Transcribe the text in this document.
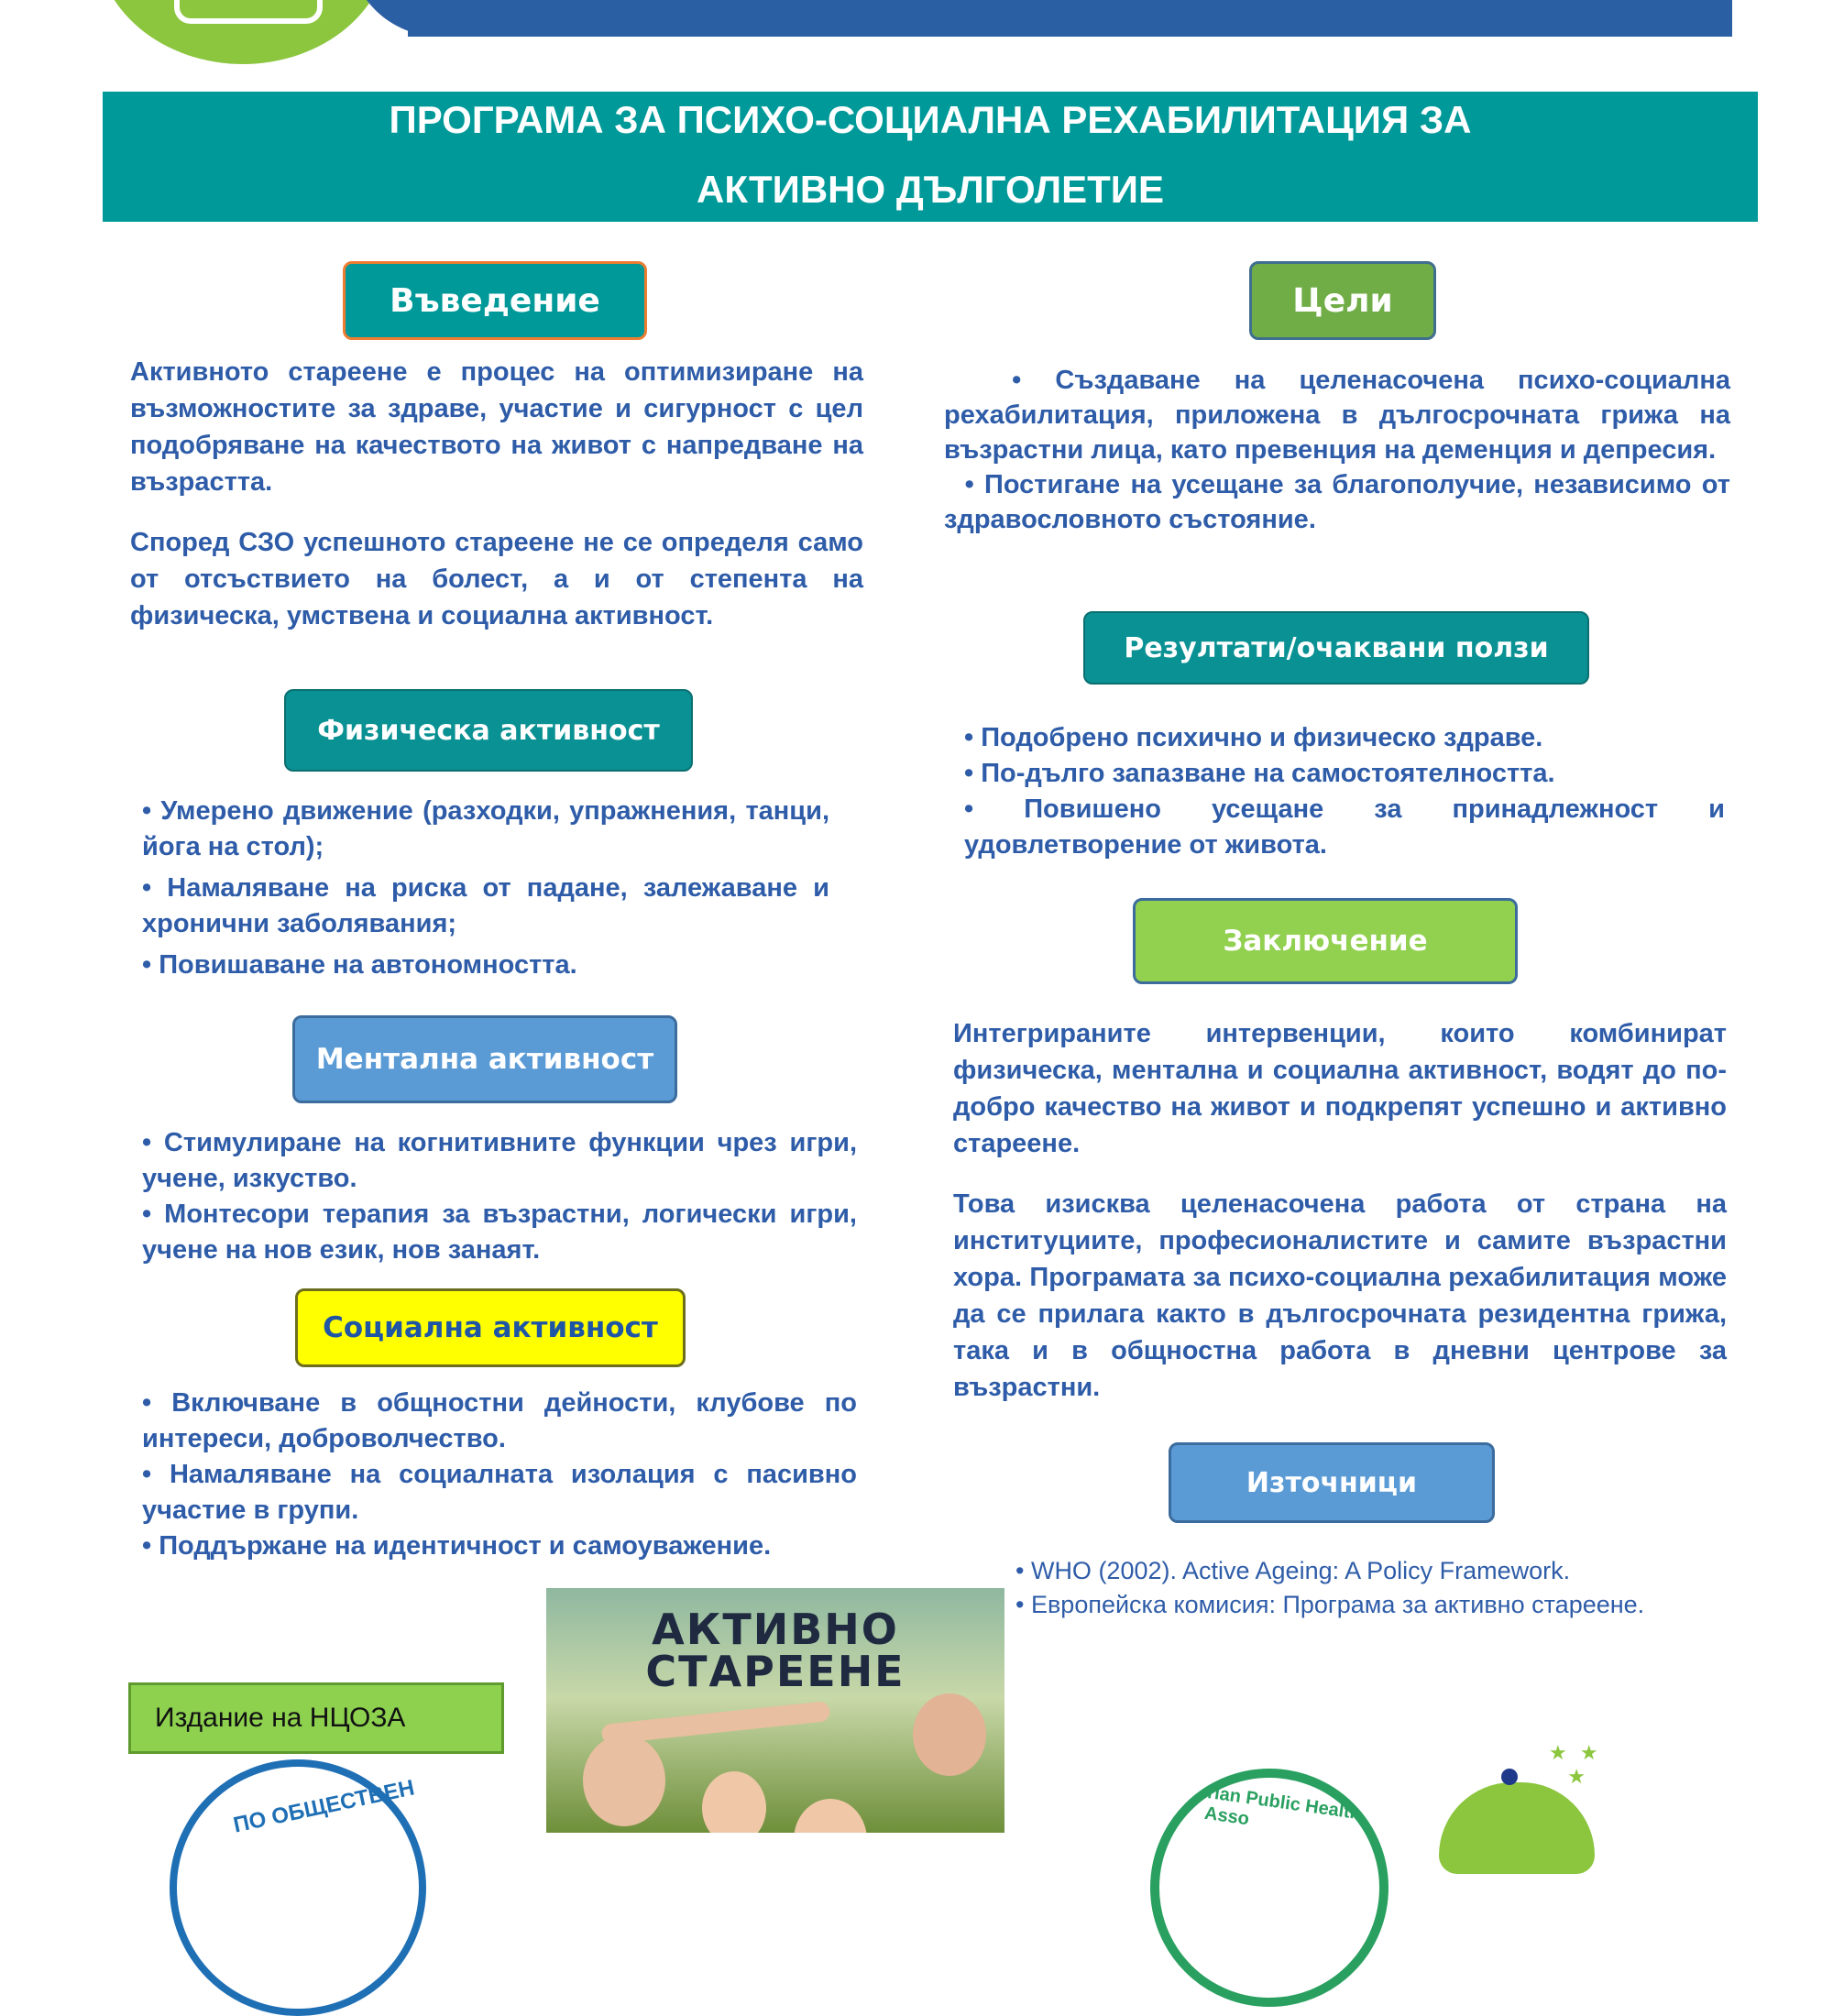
ПРОГРАМА ЗА ПСИХО-СОЦИАЛНА РЕХАБИЛИТАЦИЯ ЗА
АКТИВНО ДЪЛГОЛЕТИЕ
Въведение

Активното стареене е процес на оптимизиране на възможностите за здраве, участие и сигурност с цел подобряване на качеството на живот с напредване на възрастта.

Според СЗО успешното стареене не се определя само от отсъствието на болест, а и от степента на физическа, умствена и социална активност.

Физическа активност

• Умерено движение (разходки, упражнения, танци, йога на стол);

• Намаляване на риска от падане, залежаване и хронични заболявания;

• Повишаване на автономността.

Ментална активност

• Стимулиране на когнитивните функции чрез игри, учене, изкуство.

• Монтесори терапия за възрастни, логически игри, учене на нов език, нов занаят.

Социална активност

• Включване в общностни дейности, клубове по интереси, доброволчество.

• Намаляване на социалната изолация с пасивно участие в групи.

• Поддържане на идентичност и самоуважение.

Цели

• Създаване на целенасочена психо-социална рехабилитация, приложена в дългосрочната грижа на възрастни лица, като превенция на деменция и депресия.

• Постигане на усещане за благополучие, независимо от здравословното състояние.

Резултати/очаквани ползи

• Подобрено психично и физическо здраве.

• По-дълго запазване на самостоятелността.

• Повишено усещане за принадлежност и удовлетворение от живота.

Заключение

Интегрираните интервенции, които комбинират физическа, ментална и социална активност, водят до по-добро качество на живот и подкрепят успешно и активно стареене.

Това изисква целенасочена работа от страна на институциите, професионалистите и самите възрастни хора. Програмата за психо-социална рехабилитация може да се прилага както в дългосрочната резидентна грижа, така и в общностна работа в дневни центрове за възрастни.

Източници
• WHO (2002). Active Ageing: A Policy Framework.
• Европейска комисия: Програма за активно стареене.
АКТИВНО
СТАРЕЕНЕ
Издание на НЦОЗА
ПО ОБЩЕСТВЕН	rian Public Health Asso
★ ★
★
